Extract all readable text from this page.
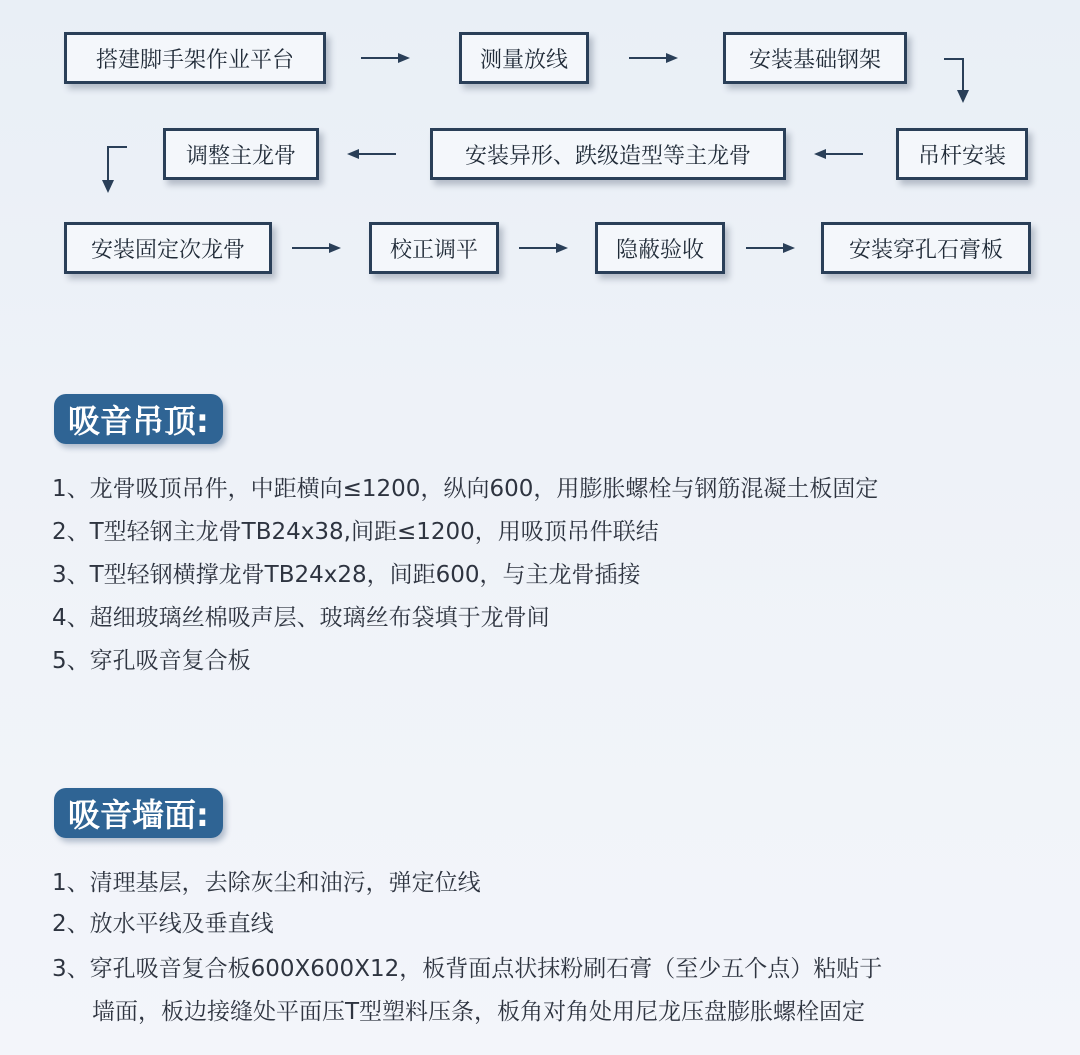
搭建脚手架作业平台	测量放线	安装基础钢架
吊杆安装
安装异形、跌级造型等主龙骨
调整主龙骨
安装固定次龙骨	校正调平	隐蔽验收	安装穿孔石膏板
吸音吊顶:
1、龙骨吸顶吊件，中距横向≤1200，纵向600，用膨胀螺栓与钢筋混凝土板固定
2、T型轻钢主龙骨TB24x38,间距≤1200，用吸顶吊件联结
3、T型轻钢横撑龙骨TB24x28，间距600，与主龙骨插接
4、超细玻璃丝棉吸声层、玻璃丝布袋填于龙骨间
5、穿孔吸音复合板
吸音墙面:
1、清理基层，去除灰尘和油污，弹定位线
2、放水平线及垂直线
3、穿孔吸音复合板600X600X12，板背面点状抹粉刷石膏（至少五个点）粘贴于
墙面，板边接缝处平面压T型塑料压条，板角对角处用尼龙压盘膨胀螺栓固定
